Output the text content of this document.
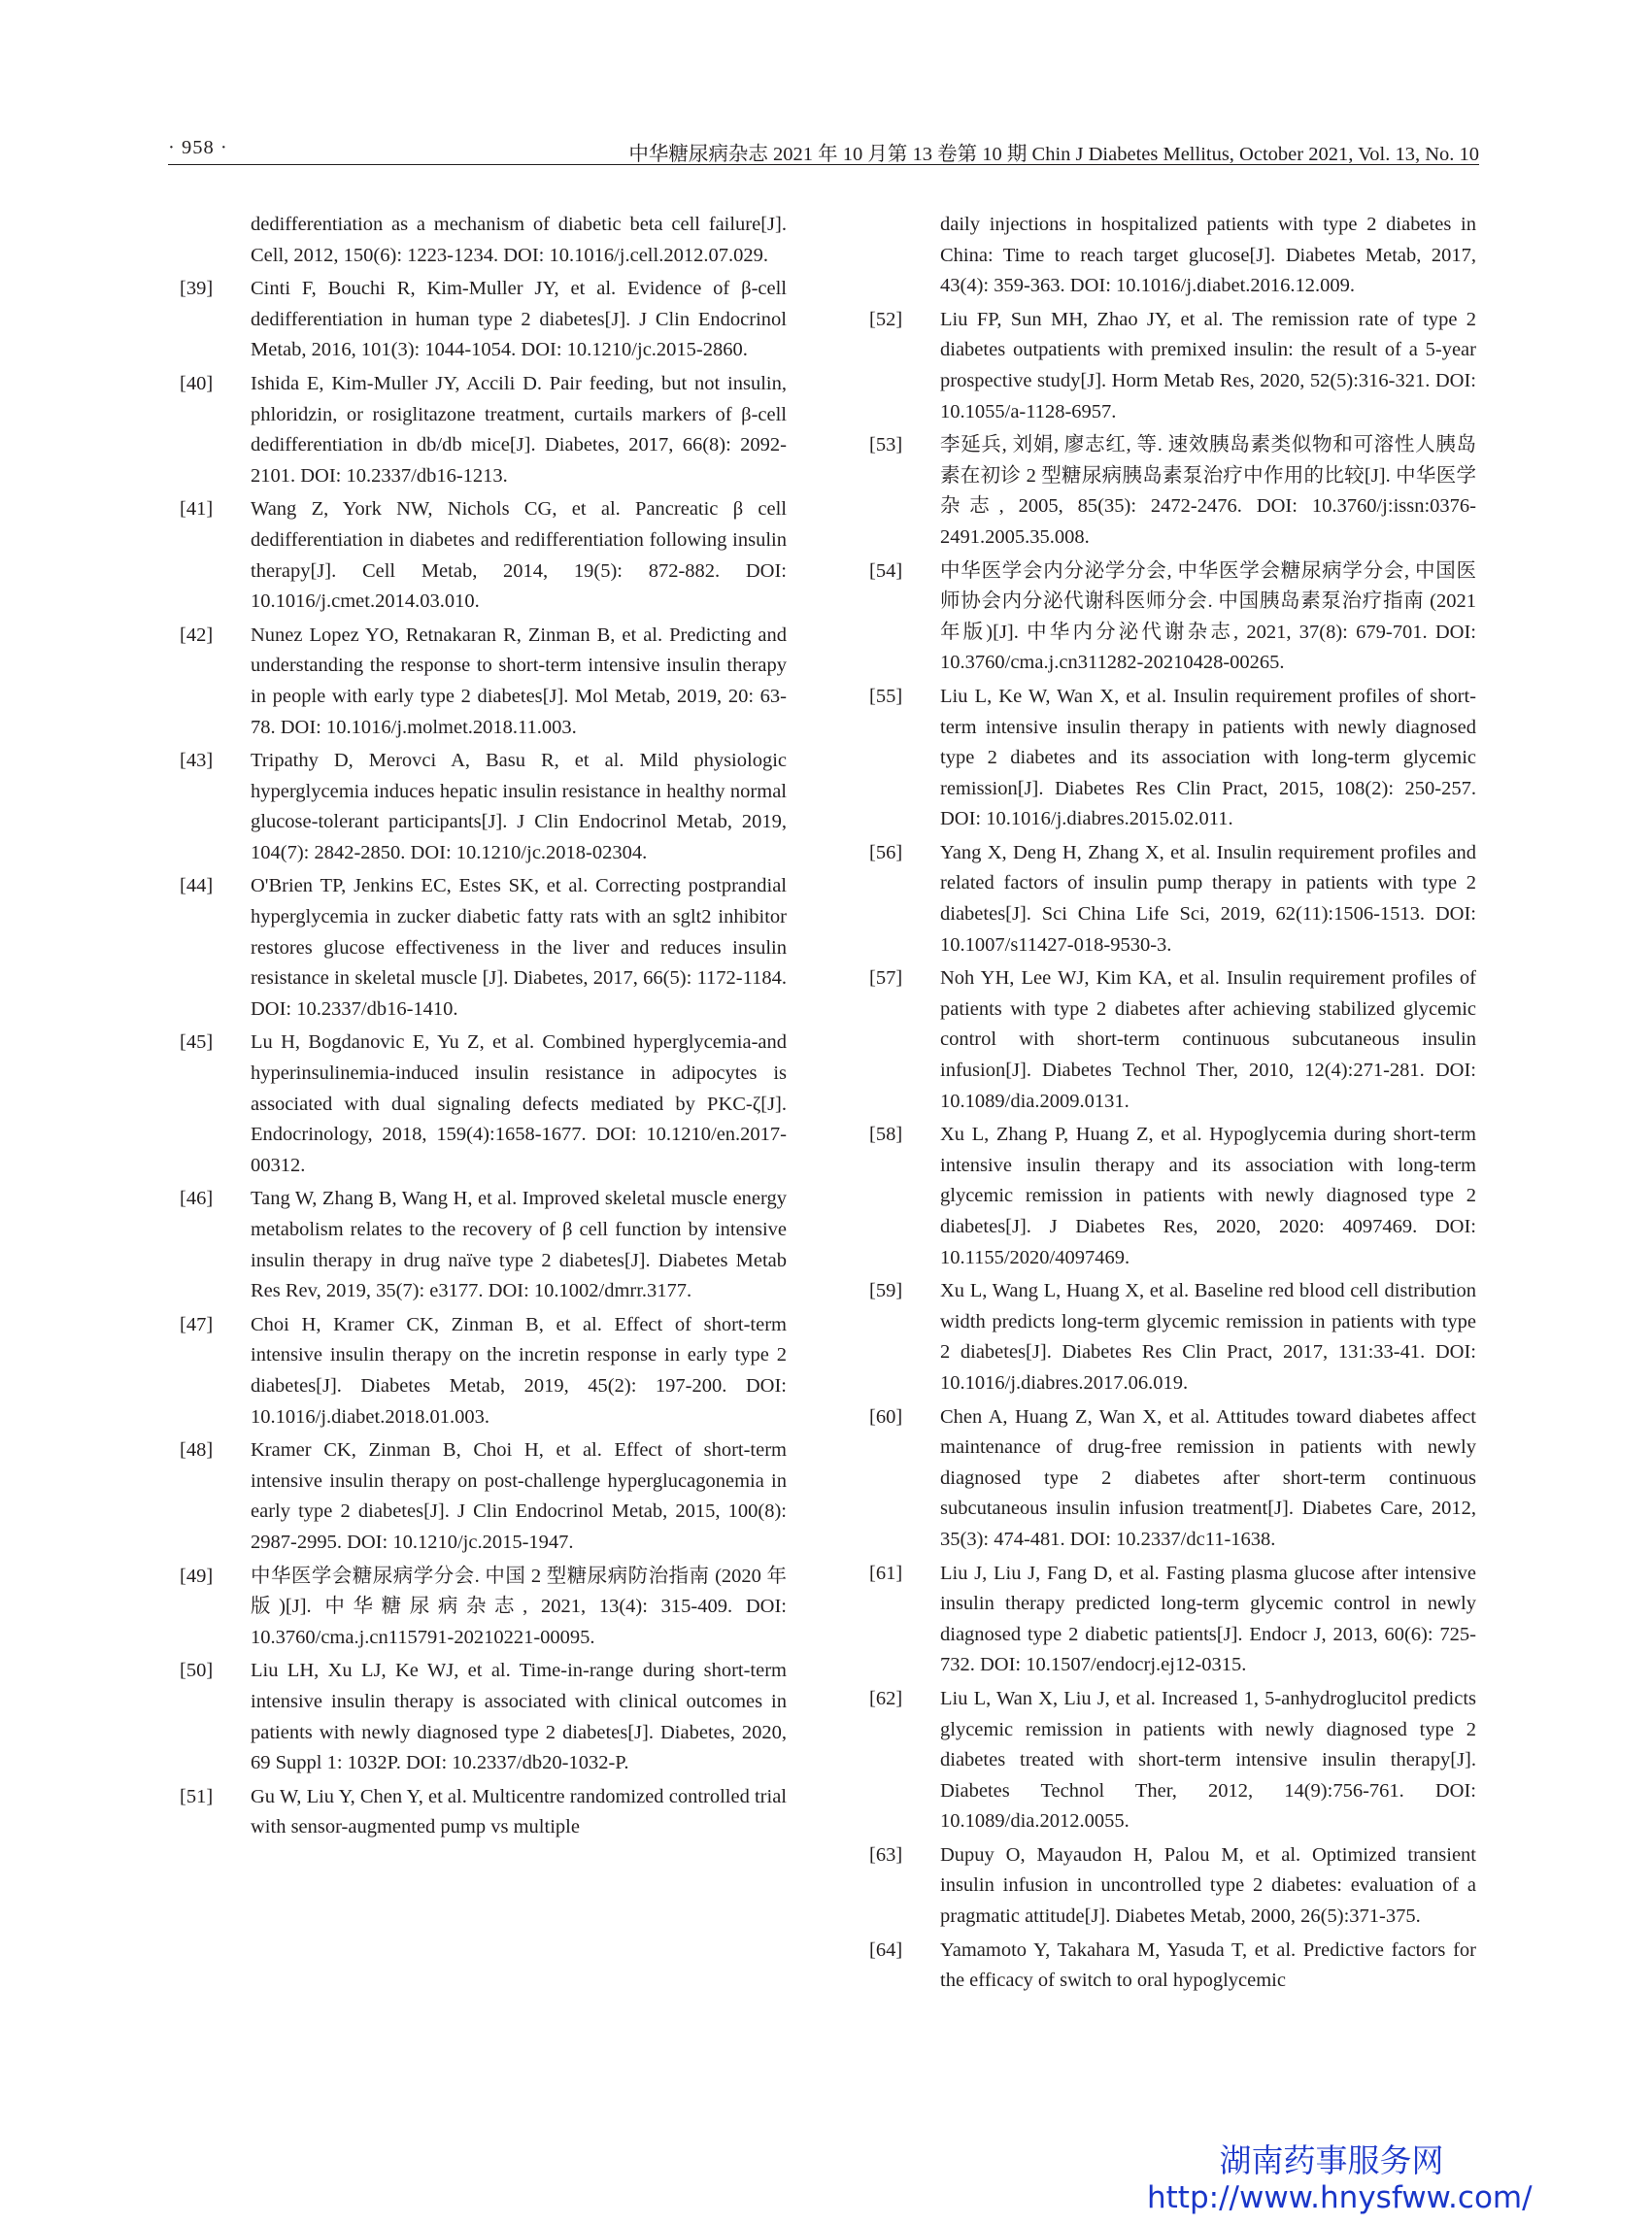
· 958 ·	中华糖尿病杂志 2021 年 10 月第 13 卷第 10 期 Chin J Diabetes Mellitus, October 2021, Vol. 13, No. 10
dedifferentiation as a mechanism of diabetic beta cell failure[J]. Cell, 2012, 150(6): 1223-1234. DOI: 10.1016/j.cell.2012.07.029.
[39]	Cinti F, Bouchi R, Kim-Muller JY, et al. Evidence of β-cell dedifferentiation in human type 2 diabetes[J]. J Clin Endocrinol Metab, 2016, 101(3): 1044-1054. DOI: 10.1210/jc.2015-2860.
[40]	Ishida E, Kim-Muller JY, Accili D. Pair feeding, but not insulin, phloridzin, or rosiglitazone treatment, curtails markers of β-cell dedifferentiation in db/db mice[J]. Diabetes, 2017, 66(8): 2092-2101. DOI: 10.2337/db16-1213.
[41]	Wang Z, York NW, Nichols CG, et al. Pancreatic β cell dedifferentiation in diabetes and redifferentiation following insulin therapy[J]. Cell Metab, 2014, 19(5): 872-882. DOI: 10.1016/j.cmet.2014.03.010.
[42]	Nunez Lopez YO, Retnakaran R, Zinman B, et al. Predicting and understanding the response to short-term intensive insulin therapy in people with early type 2 diabetes[J]. Mol Metab, 2019, 20: 63-78. DOI: 10.1016/j.molmet.2018.11.003.
[43]	Tripathy D, Merovci A, Basu R, et al. Mild physiologic hyperglycemia induces hepatic insulin resistance in healthy normal glucose-tolerant participants[J]. J Clin Endocrinol Metab, 2019, 104(7): 2842-2850. DOI: 10.1210/jc.2018-02304.
[44]	O'Brien TP, Jenkins EC, Estes SK, et al. Correcting postprandial hyperglycemia in zucker diabetic fatty rats with an sglt2 inhibitor restores glucose effectiveness in the liver and reduces insulin resistance in skeletal muscle [J]. Diabetes, 2017, 66(5): 1172-1184. DOI: 10.2337/db16-1410.
[45]	Lu H, Bogdanovic E, Yu Z, et al. Combined hyperglycemia-and hyperinsulinemia-induced insulin resistance in adipocytes is associated with dual signaling defects mediated by PKC-ζ[J]. Endocrinology, 2018, 159(4):1658-1677. DOI: 10.1210/en.2017-00312.
[46]	Tang W, Zhang B, Wang H, et al. Improved skeletal muscle energy metabolism relates to the recovery of β cell function by intensive insulin therapy in drug naïve type 2 diabetes[J]. Diabetes Metab Res Rev, 2019, 35(7): e3177. DOI: 10.1002/dmrr.3177.
[47]	Choi H, Kramer CK, Zinman B, et al. Effect of short-term intensive insulin therapy on the incretin response in early type 2 diabetes[J]. Diabetes Metab, 2019, 45(2): 197-200. DOI: 10.1016/j.diabet.2018.01.003.
[48]	Kramer CK, Zinman B, Choi H, et al. Effect of short-term intensive insulin therapy on post-challenge hyperglucagonemia in early type 2 diabetes[J]. J Clin Endocrinol Metab, 2015, 100(8): 2987-2995. DOI: 10.1210/jc.2015-1947.
[49]	中华医学会糖尿病学分会. 中国 2 型糖尿病防治指南 (2020 年版)[J]. 中华糖尿病杂志, 2021, 13(4): 315-409. DOI: 10.3760/cma.j.cn115791-20210221-00095.
[50]	Liu LH, Xu LJ, Ke WJ, et al. Time-in-range during short-term intensive insulin therapy is associated with clinical outcomes in patients with newly diagnosed type 2 diabetes[J]. Diabetes, 2020, 69 Suppl 1: 1032P. DOI: 10.2337/db20-1032-P.
[51]	Gu W, Liu Y, Chen Y, et al. Multicentre randomized controlled trial with sensor-augmented pump vs multiple
daily injections in hospitalized patients with type 2 diabetes in China: Time to reach target glucose[J]. Diabetes Metab, 2017, 43(4): 359-363. DOI: 10.1016/j.diabet.2016.12.009.
[52]	Liu FP, Sun MH, Zhao JY, et al. The remission rate of type 2 diabetes outpatients with premixed insulin: the result of a 5-year prospective study[J]. Horm Metab Res, 2020, 52(5):316-321. DOI: 10.1055/a-1128-6957.
[53]	李延兵, 刘娟, 廖志红, 等. 速效胰岛素类似物和可溶性人胰岛素在初诊 2 型糖尿病胰岛素泵治疗中作用的比较[J]. 中华医学杂志, 2005, 85(35): 2472-2476. DOI: 10.3760/j:issn:0376-2491.2005.35.008.
[54]	中华医学会内分泌学分会, 中华医学会糖尿病学分会, 中国医师协会内分泌代谢科医师分会. 中国胰岛素泵治疗指南 (2021 年版)[J]. 中华内分泌代谢杂志, 2021, 37(8): 679-701. DOI: 10.3760/cma.j.cn311282-20210428-00265.
[55]	Liu L, Ke W, Wan X, et al. Insulin requirement profiles of short-term intensive insulin therapy in patients with newly diagnosed type 2 diabetes and its association with long-term glycemic remission[J]. Diabetes Res Clin Pract, 2015, 108(2): 250-257. DOI: 10.1016/j.diabres.2015.02.011.
[56]	Yang X, Deng H, Zhang X, et al. Insulin requirement profiles and related factors of insulin pump therapy in patients with type 2 diabetes[J]. Sci China Life Sci, 2019, 62(11):1506-1513. DOI: 10.1007/s11427-018-9530-3.
[57]	Noh YH, Lee WJ, Kim KA, et al. Insulin requirement profiles of patients with type 2 diabetes after achieving stabilized glycemic control with short-term continuous subcutaneous insulin infusion[J]. Diabetes Technol Ther, 2010, 12(4):271-281. DOI: 10.1089/dia.2009.0131.
[58]	Xu L, Zhang P, Huang Z, et al. Hypoglycemia during short-term intensive insulin therapy and its association with long-term glycemic remission in patients with newly diagnosed type 2 diabetes[J]. J Diabetes Res, 2020, 2020: 4097469. DOI: 10.1155/2020/4097469.
[59]	Xu L, Wang L, Huang X, et al. Baseline red blood cell distribution width predicts long-term glycemic remission in patients with type 2 diabetes[J]. Diabetes Res Clin Pract, 2017, 131:33-41. DOI: 10.1016/j.diabres.2017.06.019.
[60]	Chen A, Huang Z, Wan X, et al. Attitudes toward diabetes affect maintenance of drug-free remission in patients with newly diagnosed type 2 diabetes after short-term continuous subcutaneous insulin infusion treatment[J]. Diabetes Care, 2012, 35(3): 474-481. DOI: 10.2337/dc11-1638.
[61]	Liu J, Liu J, Fang D, et al. Fasting plasma glucose after intensive insulin therapy predicted long-term glycemic control in newly diagnosed type 2 diabetic patients[J]. Endocr J, 2013, 60(6): 725-732. DOI: 10.1507/endocrj.ej12-0315.
[62]	Liu L, Wan X, Liu J, et al. Increased 1, 5-anhydroglucitol predicts glycemic remission in patients with newly diagnosed type 2 diabetes treated with short-term intensive insulin therapy[J]. Diabetes Technol Ther, 2012, 14(9):756-761. DOI: 10.1089/dia.2012.0055.
[63]	Dupuy O, Mayaudon H, Palou M, et al. Optimized transient insulin infusion in uncontrolled type 2 diabetes: evaluation of a pragmatic attitude[J]. Diabetes Metab, 2000, 26(5):371-375.
[64]	Yamamoto Y, Takahara M, Yasuda T, et al. Predictive factors for the efficacy of switch to oral hypoglycemic
湖南药事服务网
http://www.hnysfww.com/
